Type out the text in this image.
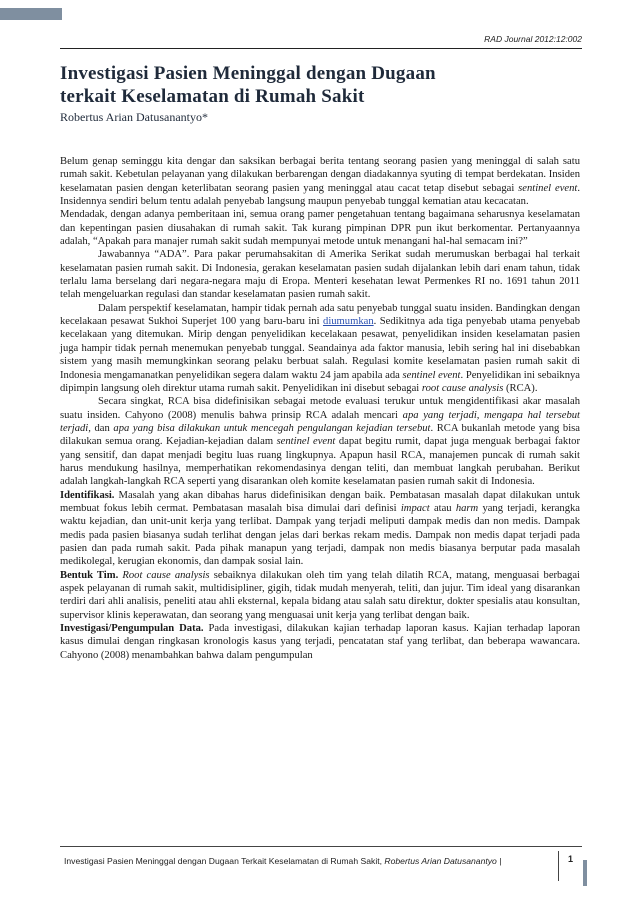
RAD Journal 2012:12:002
Investigasi Pasien Meninggal dengan Dugaan
terkait Keselamatan di Rumah Sakit
Robertus Arian Datusanantyo*

Belum genap seminggu kita dengar dan saksikan berbagai berita tentang seorang pasien yang meninggal di salah satu rumah sakit. Kebetulan pelayanan yang dilakukan berbarengan dengan diadakannya syuting di tempat berdekatan. Insiden keselamatan pasien dengan keterlibatan seorang pasien yang meninggal atau cacat tetap disebut sebagai sentinel event. Insidennya sendiri belum tentu adalah penyebab langsung maupun penyebab tunggal kematian atau kecacatan.

Mendadak, dengan adanya pemberitaan ini, semua orang pamer pengetahuan tentang bagaimana seharusnya keselamatan dan kepentingan pasien diusahakan di rumah sakit. Tak kurang pimpinan DPR pun ikut berkomentar. Pertanyaannya adalah, “Apakah para manajer rumah sakit sudah mempunyai metode untuk menangani hal-hal semacam ini?”

Jawabannya “ADA”. Para pakar perumahsakitan di Amerika Serikat sudah merumuskan berbagai hal terkait keselamatan pasien rumah sakit. Di Indonesia, gerakan keselamatan pasien sudah dijalankan lebih dari enam tahun, tidak terlalu lama berselang dari negara-negara maju di Eropa. Menteri kesehatan lewat Permenkes RI no. 1691 tahun 2011 telah mengeluarkan regulasi dan standar keselamatan pasien rumah sakit.

Dalam perspektif keselamatan, hampir tidak pernah ada satu penyebab tunggal suatu insiden. Bandingkan dengan kecelakaan pesawat Sukhoi Superjet 100 yang baru-baru ini diumumkan. Sedikitnya ada tiga penyebab utama penyebab kecelakaan yang ditemukan. Mirip dengan penyelidikan kecelakaan pesawat, penyelidikan insiden keselamatan pasien juga hampir tidak pernah menemukan penyebab tunggal. Seandainya ada faktor manusia, lebih sering hal ini disebabkan sistem yang masih memungkinkan seorang pelaku berbuat salah. Regulasi komite keselamatan pasien rumah sakit di Indonesia mengamanatkan penyelidikan segera dalam waktu 24 jam apabila ada sentinel event. Penyelidikan ini sebaiknya dipimpin langsung oleh direktur utama rumah sakit. Penyelidikan ini disebut sebagai root cause analysis (RCA).

Secara singkat, RCA bisa didefinisikan sebagai metode evaluasi terukur untuk mengidentifikasi akar masalah suatu insiden. Cahyono (2008) menulis bahwa prinsip RCA adalah mencari apa yang terjadi, mengapa hal tersebut terjadi, dan apa yang bisa dilakukan untuk mencegah pengulangan kejadian tersebut. RCA bukanlah metode yang bisa dilakukan semua orang. Kejadian-kejadian dalam sentinel event dapat begitu rumit, dapat juga menguak berbagai faktor yang sensitif, dan dapat menjadi begitu luas ruang lingkupnya. Apapun hasil RCA, manajemen puncak di rumah sakit harus mendukung hasilnya, memperhatikan rekomendasinya dengan teliti, dan membuat langkah perubahan. Berikut adalah langkah-langkah RCA seperti yang disarankan oleh komite keselamatan pasien rumah sakit di Indonesia.

Identifikasi. Masalah yang akan dibahas harus didefinisikan dengan baik. Pembatasan masalah dapat dilakukan untuk membuat fokus lebih cermat. Pembatasan masalah bisa dimulai dari definisi impact atau harm yang terjadi, kerangka waktu kejadian, dan unit-unit kerja yang terlibat. Dampak yang terjadi meliputi dampak medis dan non medis. Dampak medis pada pasien biasanya sudah terlihat dengan jelas dari berkas rekam medis. Dampak non medis dapat terjadi pada pasien dan pada rumah sakit. Pada pihak manapun yang terjadi, dampak non medis biasanya berputar pada masalah medikolegal, kerugian ekonomis, dan dampak sosial lain.

Bentuk Tim. Root cause analysis sebaiknya dilakukan oleh tim yang telah dilatih RCA, matang, menguasai berbagai aspek pelayanan di rumah sakit, multidisipliner, gigih, tidak mudah menyerah, teliti, dan jujur. Tim ideal yang disarankan terdiri dari ahli analisis, peneliti atau ahli eksternal, kepala bidang atau salah satu direktur, dokter spesialis atau konsultan, supervisor klinis keperawatan, dan seorang yang menguasai unit kerja yang terlibat dengan baik.

Investigasi/Pengumpulan Data. Pada investigasi, dilakukan kajian terhadap laporan kasus. Kajian terhadap laporan kasus dimulai dengan ringkasan kronologis kasus yang terjadi, pencatatan staf yang terlibat, dan beberapa wawancara. Cahyono (2008) menambahkan bahwa dalam pengumpulan

Investigasi Pasien Meninggal dengan Dugaan Terkait Keselamatan di Rumah Sakit, Robertus Arian Datusanantyo |	1
